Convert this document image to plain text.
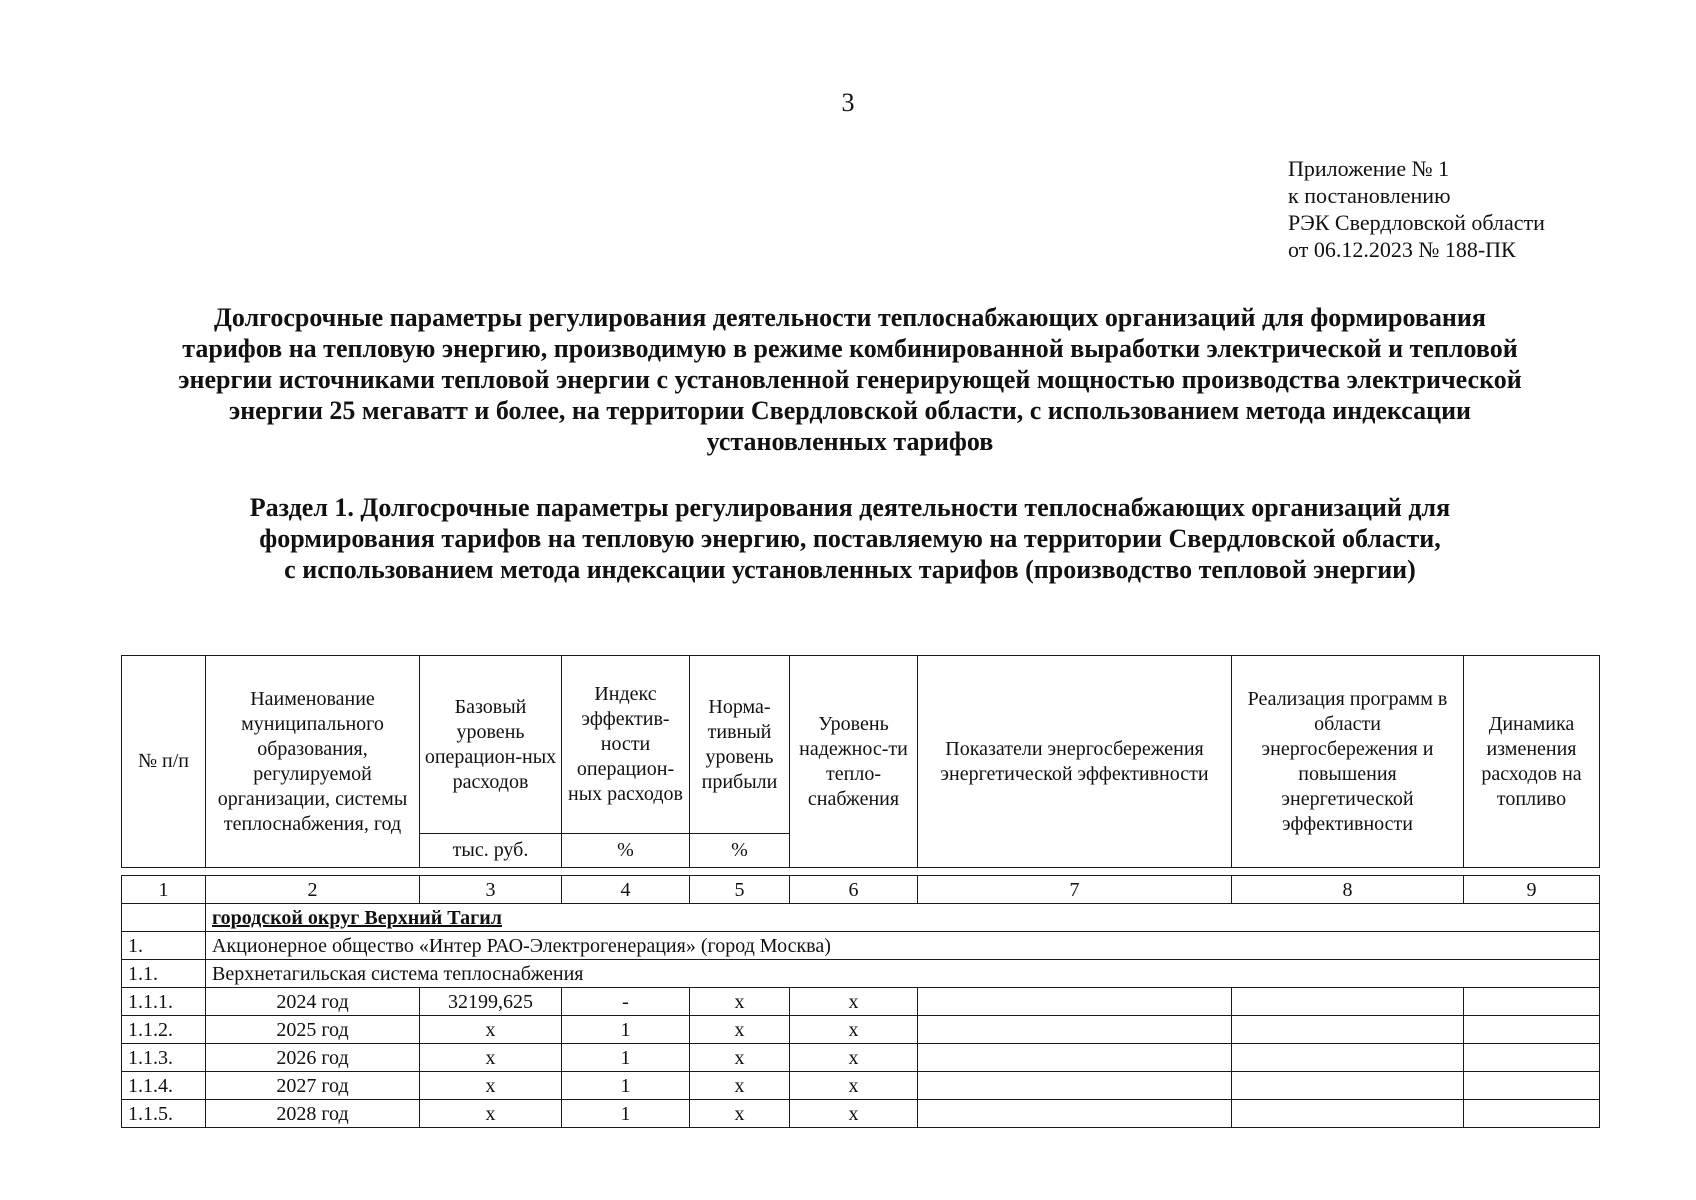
3
Приложение № 1
к постановлению
РЭК Свердловской области
от 06.12.2023 № 188-ПК
Долгосрочные параметры регулирования деятельности теплоснабжающих организаций для формирования
тарифов на тепловую энергию, производимую в режиме комбинированной выработки электрической и тепловой
энергии источниками тепловой энергии с установленной генерирующей мощностью производства электрической
энергии 25 мегаватт и более, на территории Свердловской области, с использованием метода индексации
установленных тарифов
Раздел 1. Долгосрочные параметры регулирования деятельности теплоснабжающих организаций для
формирования тарифов на тепловую энергию, поставляемую на территории Свердловской области,
с использованием метода индексации установленных тарифов (производство тепловой энергии)
№ п/п	Наименование муниципального образования, регулируемой организации, системы теплоснабжения, год	Базовый уровень операцион-ных расходов	Индекс эффектив-ности операцион-ных расходов	Норма-тивный уровень прибыли	Уровень надежнос-ти тепло-снабжения	Показатели энергосбережения энергетической эффективности	Реализация программ в области энергосбережения и повышения энергетической эффективности	Динамика изменения расходов на топливо
		тыс. руб.	%	%				
1	2	3	4	5	6	7	8	9
	городской округ Верхний Тагил							
1.	Акционерное общество «Интер РАО-Электрогенерация» (город Москва)							
1.1.	Верхнетагильская система теплоснабжения							
1.1.1.	2024 год	32199,625	-	х	х			
1.1.2.	2025 год	х	1	х	х			
1.1.3.	2026 год	х	1	х	х			
1.1.4.	2027 год	х	1	х	х			
1.1.5.	2028 год	х	1	х	х			
